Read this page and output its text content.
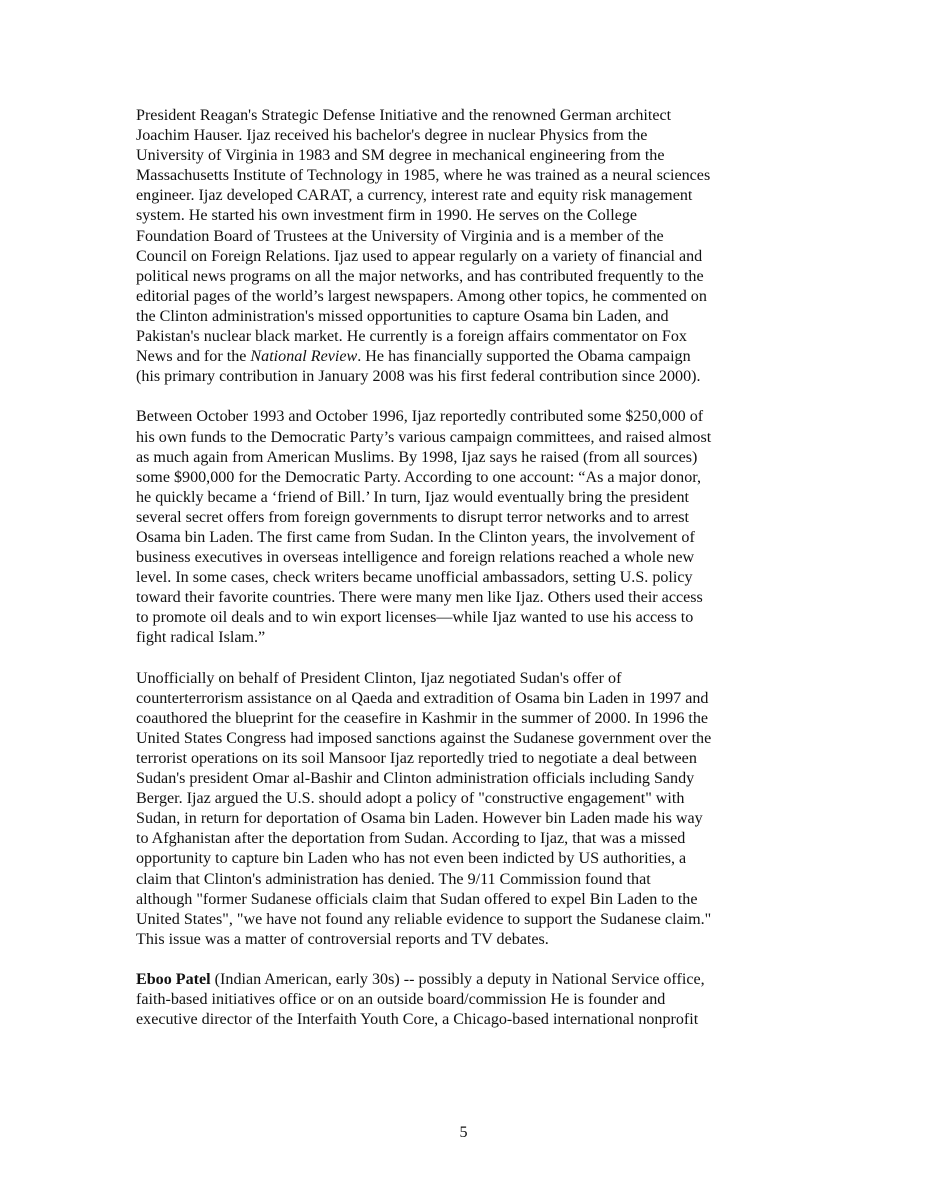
President Reagan's Strategic Defense Initiative and the renowned German architect
Joachim Hauser. Ijaz received his bachelor's degree in nuclear Physics from the
University of Virginia in 1983 and SM degree in mechanical engineering from the
Massachusetts Institute of Technology in 1985, where he was trained as a neural sciences
engineer. Ijaz developed CARAT, a currency, interest rate and equity risk management
system. He started his own investment firm in 1990. He serves on the College
Foundation Board of Trustees at the University of Virginia and is a member of the
Council on Foreign Relations. Ijaz used to appear regularly on a variety of financial and
political news programs on all the major networks, and has contributed frequently to the
editorial pages of the world’s largest newspapers. Among other topics, he commented on
the Clinton administration's missed opportunities to capture Osama bin Laden, and
Pakistan's nuclear black market. He currently is a foreign affairs commentator on Fox
News and for the National Review. He has financially supported the Obama campaign
(his primary contribution in January 2008 was his first federal contribution since 2000).

Between October 1993 and October 1996, Ijaz reportedly contributed some $250,000 of
his own funds to the Democratic Party’s various campaign committees, and raised almost
as much again from American Muslims. By 1998, Ijaz says he raised (from all sources)
some $900,000 for the Democratic Party. According to one account: “As a major donor,
he quickly became a ‘friend of Bill.’ In turn, Ijaz would eventually bring the president
several secret offers from foreign governments to disrupt terror networks and to arrest
Osama bin Laden. The first came from Sudan. In the Clinton years, the involvement of
business executives in overseas intelligence and foreign relations reached a whole new
level. In some cases, check writers became unofficial ambassadors, setting U.S. policy
toward their favorite countries. There were many men like Ijaz. Others used their access
to promote oil deals and to win export licenses—while Ijaz wanted to use his access to
fight radical Islam.”

Unofficially on behalf of President Clinton, Ijaz negotiated Sudan's offer of
counterterrorism assistance on al Qaeda and extradition of Osama bin Laden in 1997 and
coauthored the blueprint for the ceasefire in Kashmir in the summer of 2000. In 1996 the
United States Congress had imposed sanctions against the Sudanese government over the
terrorist operations on its soil Mansoor Ijaz reportedly tried to negotiate a deal between
Sudan's president Omar al-Bashir and Clinton administration officials including Sandy
Berger. Ijaz argued the U.S. should adopt a policy of "constructive engagement" with
Sudan, in return for deportation of Osama bin Laden. However bin Laden made his way
to Afghanistan after the deportation from Sudan. According to Ijaz, that was a missed
opportunity to capture bin Laden who has not even been indicted by US authorities, a
claim that Clinton's administration has denied. The 9/11 Commission found that
although "former Sudanese officials claim that Sudan offered to expel Bin Laden to the
United States", "we have not found any reliable evidence to support the Sudanese claim."
This issue was a matter of controversial reports and TV debates.

Eboo Patel (Indian American, early 30s) -- possibly a deputy in National Service office,
faith-based initiatives office or on an outside board/commission He is founder and
executive director of the Interfaith Youth Core, a Chicago-based international nonprofit

5
